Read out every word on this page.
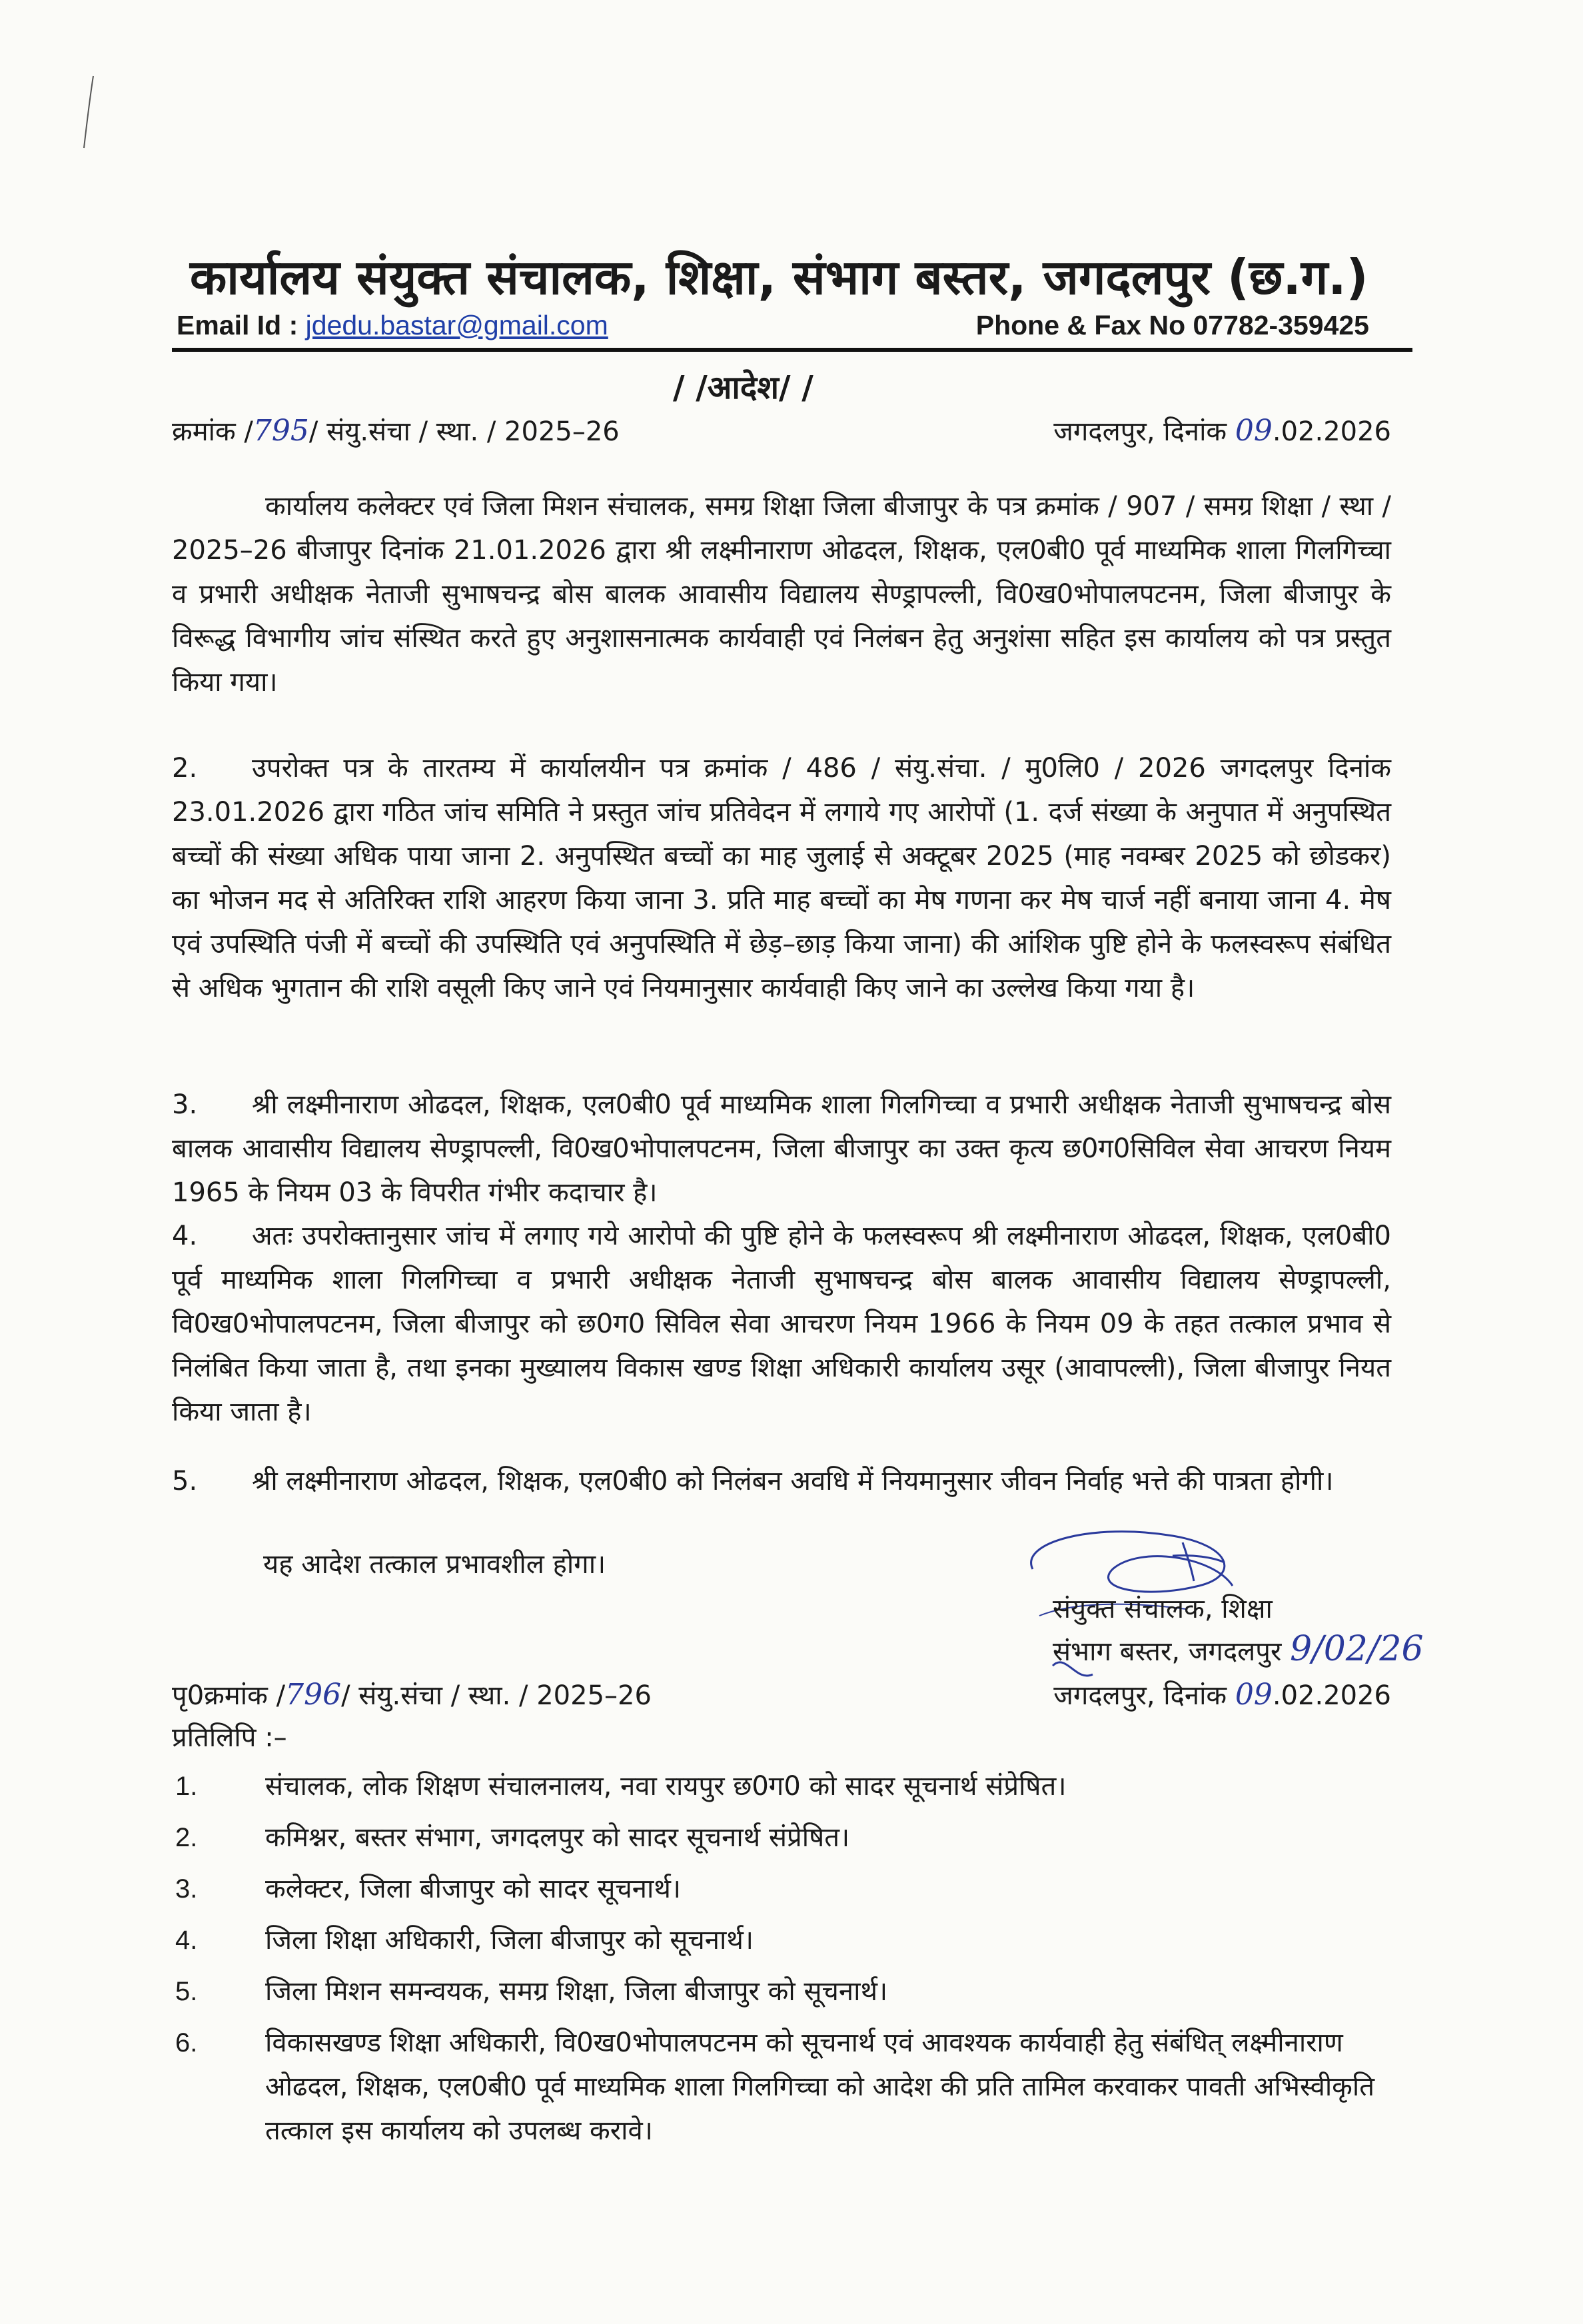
कार्यालय संयुक्त संचालक, शिक्षा, संभाग बस्तर, जगदलपुर (छ.ग.)
Email Id : jdedu.bastar@gmail.com	Phone & Fax No 07782-359425
/ /आदेश/ /
क्रमांक /795/ संयु.संचा / स्था. / 2025–26	जगदलपुर, दिनांक 09.02.2026

कार्यालय कलेक्टर एवं जिला मिशन संचालक, समग्र शिक्षा जिला बीजापुर के पत्र क्रमांक / 907 / समग्र शिक्षा / स्था / 2025–26 बीजापुर दिनांक 21.01.2026 द्वारा श्री लक्ष्मीनाराण ओढदल, शिक्षक, एल0बी0 पूर्व माध्यमिक शाला गिलगिच्चा व प्रभारी अधीक्षक नेताजी सुभाषचन्द्र बोस बालक आवासीय विद्यालय सेण्ड्रापल्ली, वि0ख0भोपालपटनम, जिला बीजापुर के विरूद्ध विभागीय जांच संस्थित करते हुए अनुशासनात्मक कार्यवाही एवं निलंबन हेतु अनुशंसा सहित इस कार्यालय को पत्र प्रस्तुत किया गया।

2. उपरोक्त पत्र के तारतम्य में कार्यालयीन पत्र क्रमांक / 486 / संयु.संचा. / मु0लि0 / 2026 जगदलपुर दिनांक 23.01.2026 द्वारा गठित जांच समिति ने प्रस्तुत जांच प्रतिवेदन में लगाये गए आरोपों (1. दर्ज संख्या के अनुपात में अनुपस्थित बच्चों की संख्या अधिक पाया जाना 2. अनुपस्थित बच्चों का माह जुलाई से अक्टूबर 2025 (माह नवम्बर 2025 को छोडकर) का भोजन मद से अतिरिक्त राशि आहरण किया जाना 3. प्रति माह बच्चों का मेष गणना कर मेष चार्ज नहीं बनाया जाना 4. मेष एवं उपस्थिति पंजी में बच्चों की उपस्थिति एवं अनुपस्थिति में छेड़–छाड़ किया जाना) की आंशिक पुष्टि होने के फलस्वरूप संबंधित से अधिक भुगतान की राशि वसूली किए जाने एवं नियमानुसार कार्यवाही किए जाने का उल्लेख किया गया है।

3. श्री लक्ष्मीनाराण ओढदल, शिक्षक, एल0बी0 पूर्व माध्यमिक शाला गिलगिच्चा व प्रभारी अधीक्षक नेताजी सुभाषचन्द्र बोस बालक आवासीय विद्यालय सेण्ड्रापल्ली, वि0ख0भोपालपटनम, जिला बीजापुर का उक्त कृत्य छ0ग0सिविल सेवा आचरण नियम 1965 के नियम 03 के विपरीत गंभीर कदाचार है।

4. अतः उपरोक्तानुसार जांच में लगाए गये आरोपो की पुष्टि होने के फलस्वरूप श्री लक्ष्मीनाराण ओढदल, शिक्षक, एल0बी0 पूर्व माध्यमिक शाला गिलगिच्चा व प्रभारी अधीक्षक नेताजी सुभाषचन्द्र बोस बालक आवासीय विद्यालय सेण्ड्रापल्ली, वि0ख0भोपालपटनम, जिला बीजापुर को छ0ग0 सिविल सेवा आचरण नियम 1966 के नियम 09 के तहत तत्काल प्रभाव से निलंबित किया जाता है, तथा इनका मुख्यालय विकास खण्ड शिक्षा अधिकारी कार्यालय उसूर (आवापल्ली), जिला बीजापुर नियत किया जाता है।

5. श्री लक्ष्मीनाराण ओढदल, शिक्षक, एल0बी0 को निलंबन अवधि में नियमानुसार जीवन निर्वाह भत्ते की पात्रता होगी।

यह आदेश तत्काल प्रभावशील होगा।
संयुक्त संचालक, शिक्षा
संभाग बस्तर, जगदलपुर 9/02/26
पृ0क्रमांक /796/ संयु.संचा / स्था. / 2025–26	जगदलपुर, दिनांक 09.02.2026
प्रतिलिपि :–
1.	संचालक, लोक शिक्षण संचालनालय, नवा रायपुर छ0ग0 को सादर सूचनार्थ संप्रेषित।
2.	कमिश्नर, बस्तर संभाग, जगदलपुर को सादर सूचनार्थ संप्रेषित।
3.	कलेक्टर, जिला बीजापुर को सादर सूचनार्थ।
4.	जिला शिक्षा अधिकारी, जिला बीजापुर को सूचनार्थ।
5.	जिला मिशन समन्वयक, समग्र शिक्षा, जिला बीजापुर को सूचनार्थ।
6.	विकासखण्ड शिक्षा अधिकारी, वि0ख0भोपालपटनम को सूचनार्थ एवं आवश्यक कार्यवाही हेतु संबंधित् लक्ष्मीनाराण ओढदल, शिक्षक, एल0बी0 पूर्व माध्यमिक शाला गिलगिच्चा को आदेश की प्रति तामिल करवाकर पावती अभिस्वीकृति तत्काल इस कार्यालय को उपलब्ध करावे।
